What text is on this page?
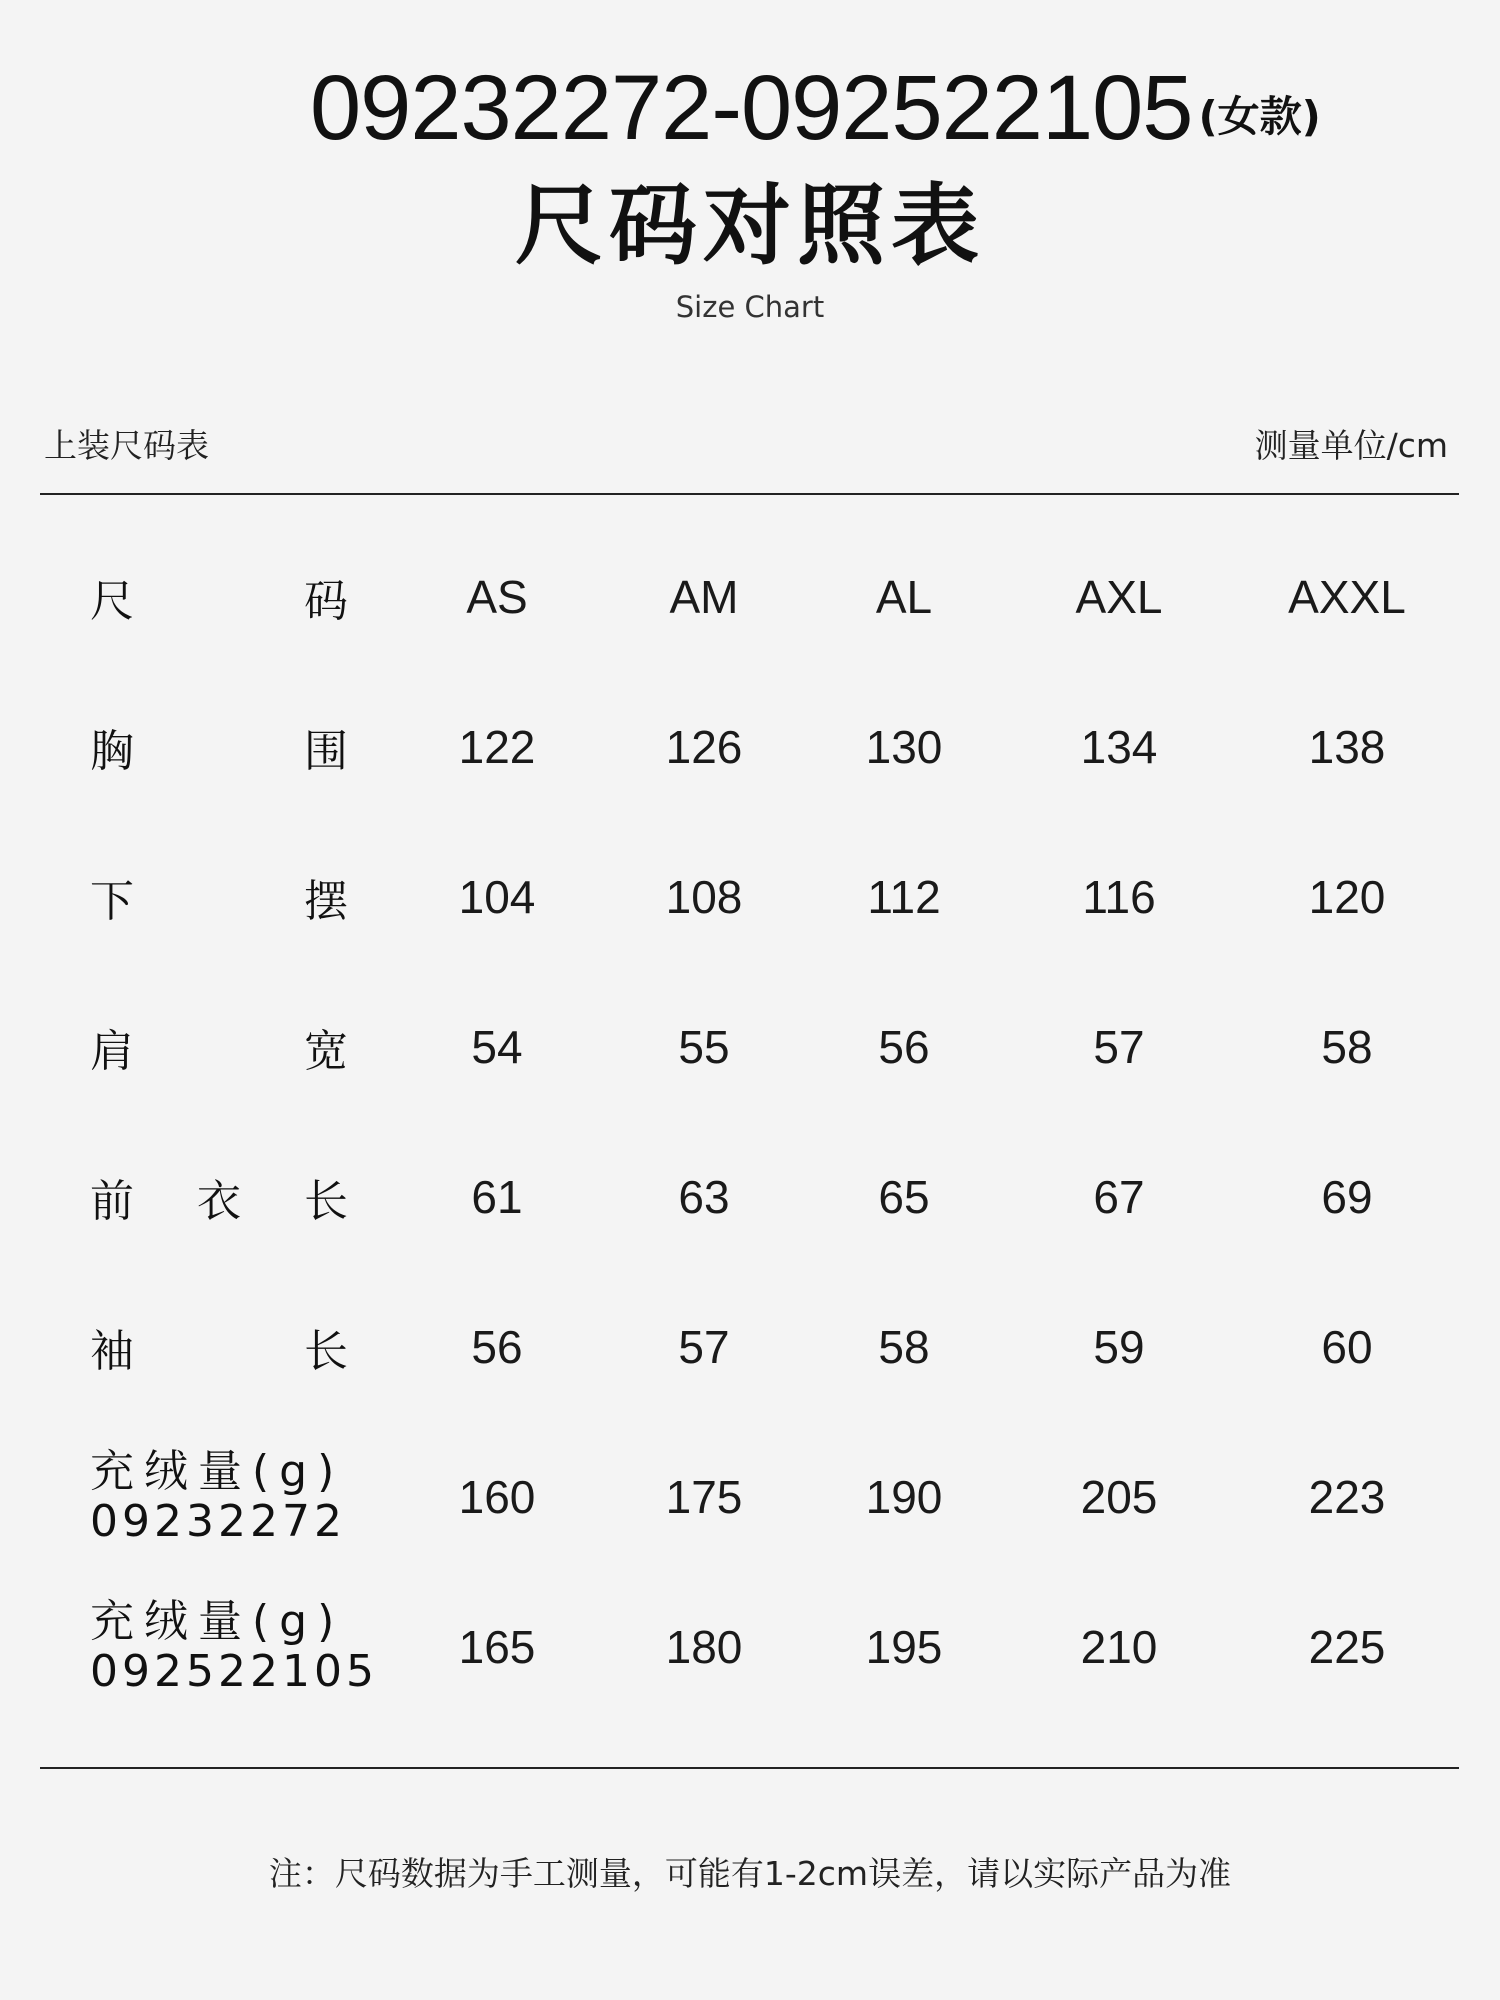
09232272-092522105 (女款)
尺码对照表
Size Chart
上装尺码表	测量单位/cm
尺	码	AS	AM	AL	AXL	AXXL
胸	围	122	126	130	134	138
下	摆	104	108	112	116	120
肩	宽	54	55	56	57	58
前 衣 长	61	63	65	67	69
袖	长	56	57	58	59	60
充绒量(g)
09232272	160	175	190	205	223
充绒量(g)
092522105	165	180	195	210	225
注：尺码数据为手工测量，可能有1-2cm误差，请以实际产品为准
